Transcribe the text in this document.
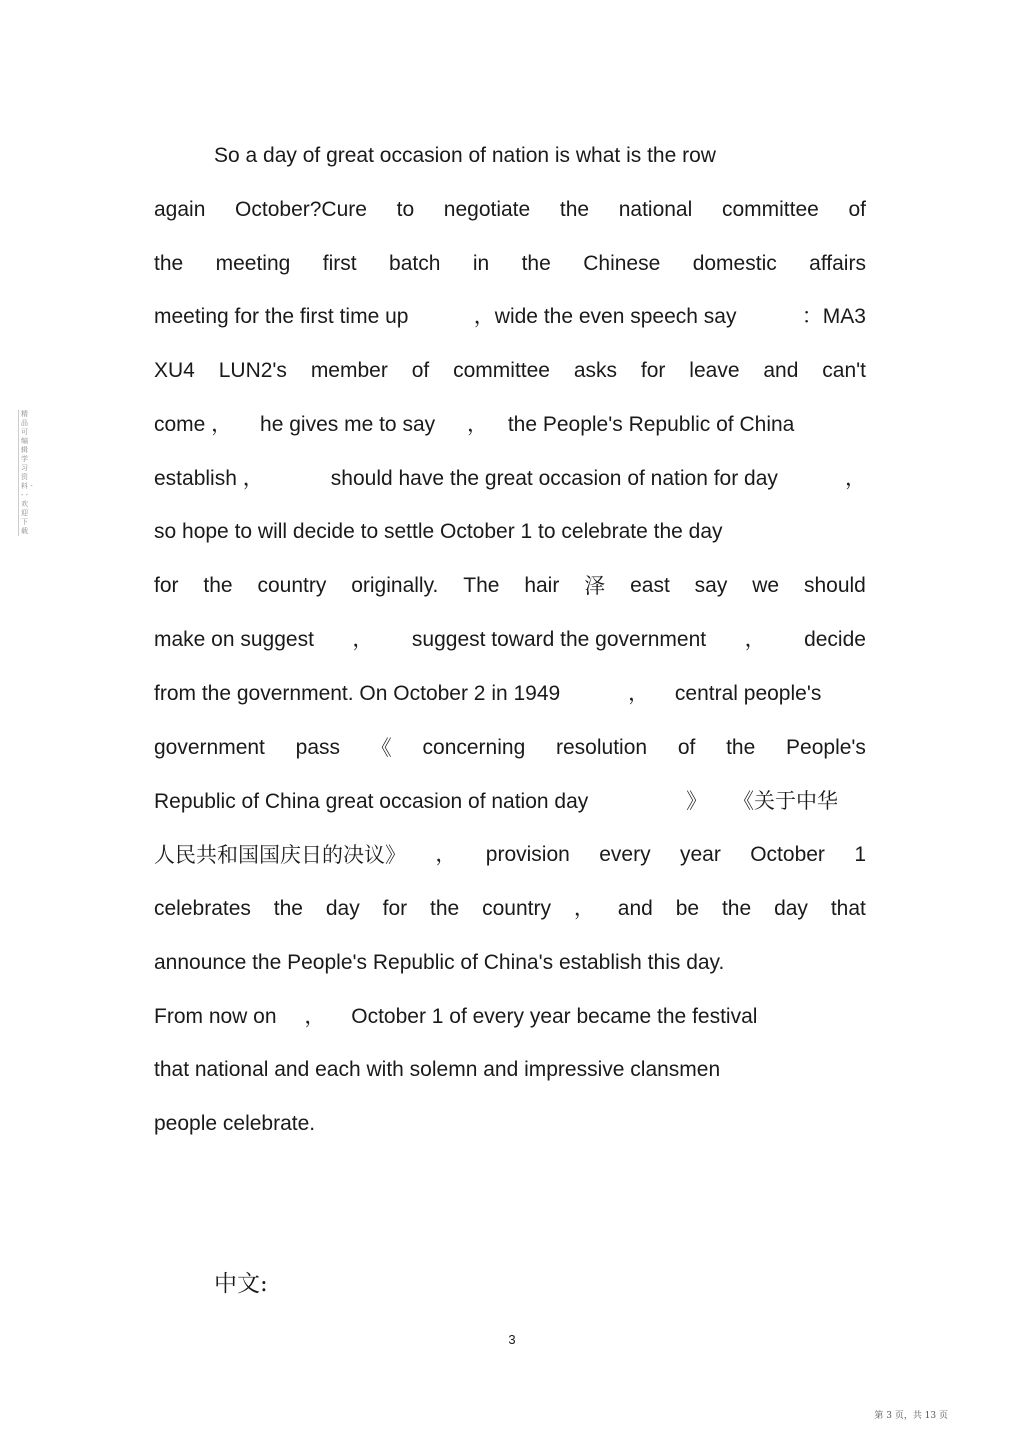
精品可编辑学习资料 - - - 欢迎下载
So a day of great occasion of nation is what is the row
again October?Cure to negotiate the national committee of
the meeting first batch in the Chinese domestic affairs
meeting for the first time up	，wide the even speech say	：MA3
XU4 LUN2's member of committee asks for leave and can't
come ， he gives me to say ， the People's Republic of China
establish ，	should have the great occasion of nation for day	，
so hope to will decide to settle October 1 to celebrate the day
for the country originally. The hair 泽 east say we should
make on suggest ， suggest toward the government ， decide
from the government. On October 2 in 1949	， central people's
government pass 《 concerning resolution of the People's
Republic of China great occasion of nation day	》 《关于中华
人民共和国国庆日的决议》 ， provision every year October 1
celebrates the day for the country ， and be the day that
announce the People's Republic of China's establish this day.
From now on ， October 1 of every year became the festival
that national and each with solemn and impressive clansmen
people celebrate.
中文:
3
第 3 页，共 13 页
